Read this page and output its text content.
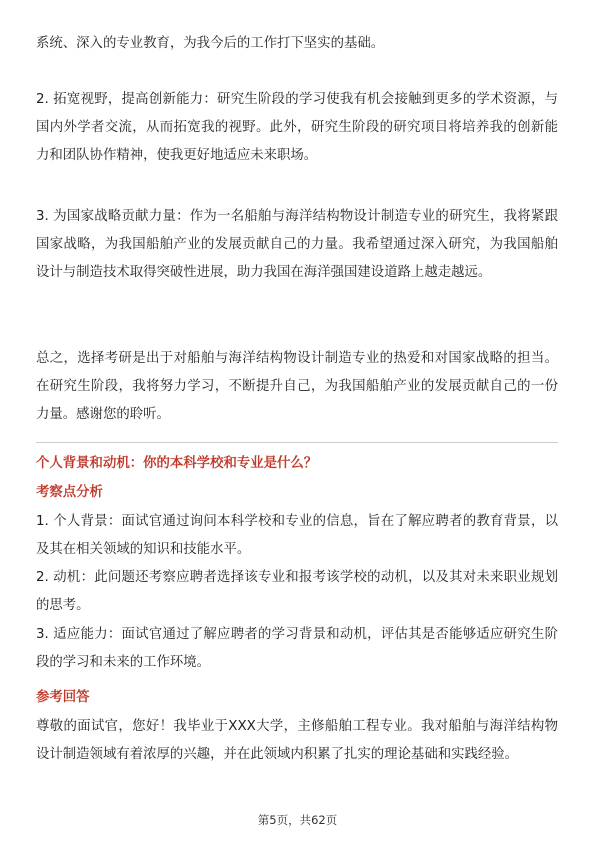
系统、深入的专业教育，为我今后的工作打下坚实的基础。

2. 拓宽视野，提高创新能力：研究生阶段的学习使我有机会接触到更多的学术资源，与国内外学者交流，从而拓宽我的视野。此外，研究生阶段的研究项目将培养我的创新能力和团队协作精神，使我更好地适应未来职场。

3. 为国家战略贡献力量：作为一名船舶与海洋结构物设计制造专业的研究生，我将紧跟国家战略，为我国船舶产业的发展贡献自己的力量。我希望通过深入研究，为我国船舶设计与制造技术取得突破性进展，助力我国在海洋强国建设道路上越走越远。

总之，选择考研是出于对船舶与海洋结构物设计制造专业的热爱和对国家战略的担当。在研究生阶段，我将努力学习，不断提升自己，为我国船舶产业的发展贡献自己的一份力量。感谢您的聆听。

个人背景和动机：你的本科学校和专业是什么？

考察点分析

1. 个人背景：面试官通过询问本科学校和专业的信息，旨在了解应聘者的教育背景，以及其在相关领域的知识和技能水平。

2. 动机：此问题还考察应聘者选择该专业和报考该学校的动机，以及其对未来职业规划的思考。

3. 适应能力：面试官通过了解应聘者的学习背景和动机，评估其是否能够适应研究生阶段的学习和未来的工作环境。

参考回答

尊敬的面试官，您好！我毕业于XXX大学，主修船舶工程专业。我对船舶与海洋结构物设计制造领域有着浓厚的兴趣，并在此领域内积累了扎实的理论基础和实践经验。

第5页，共62页
